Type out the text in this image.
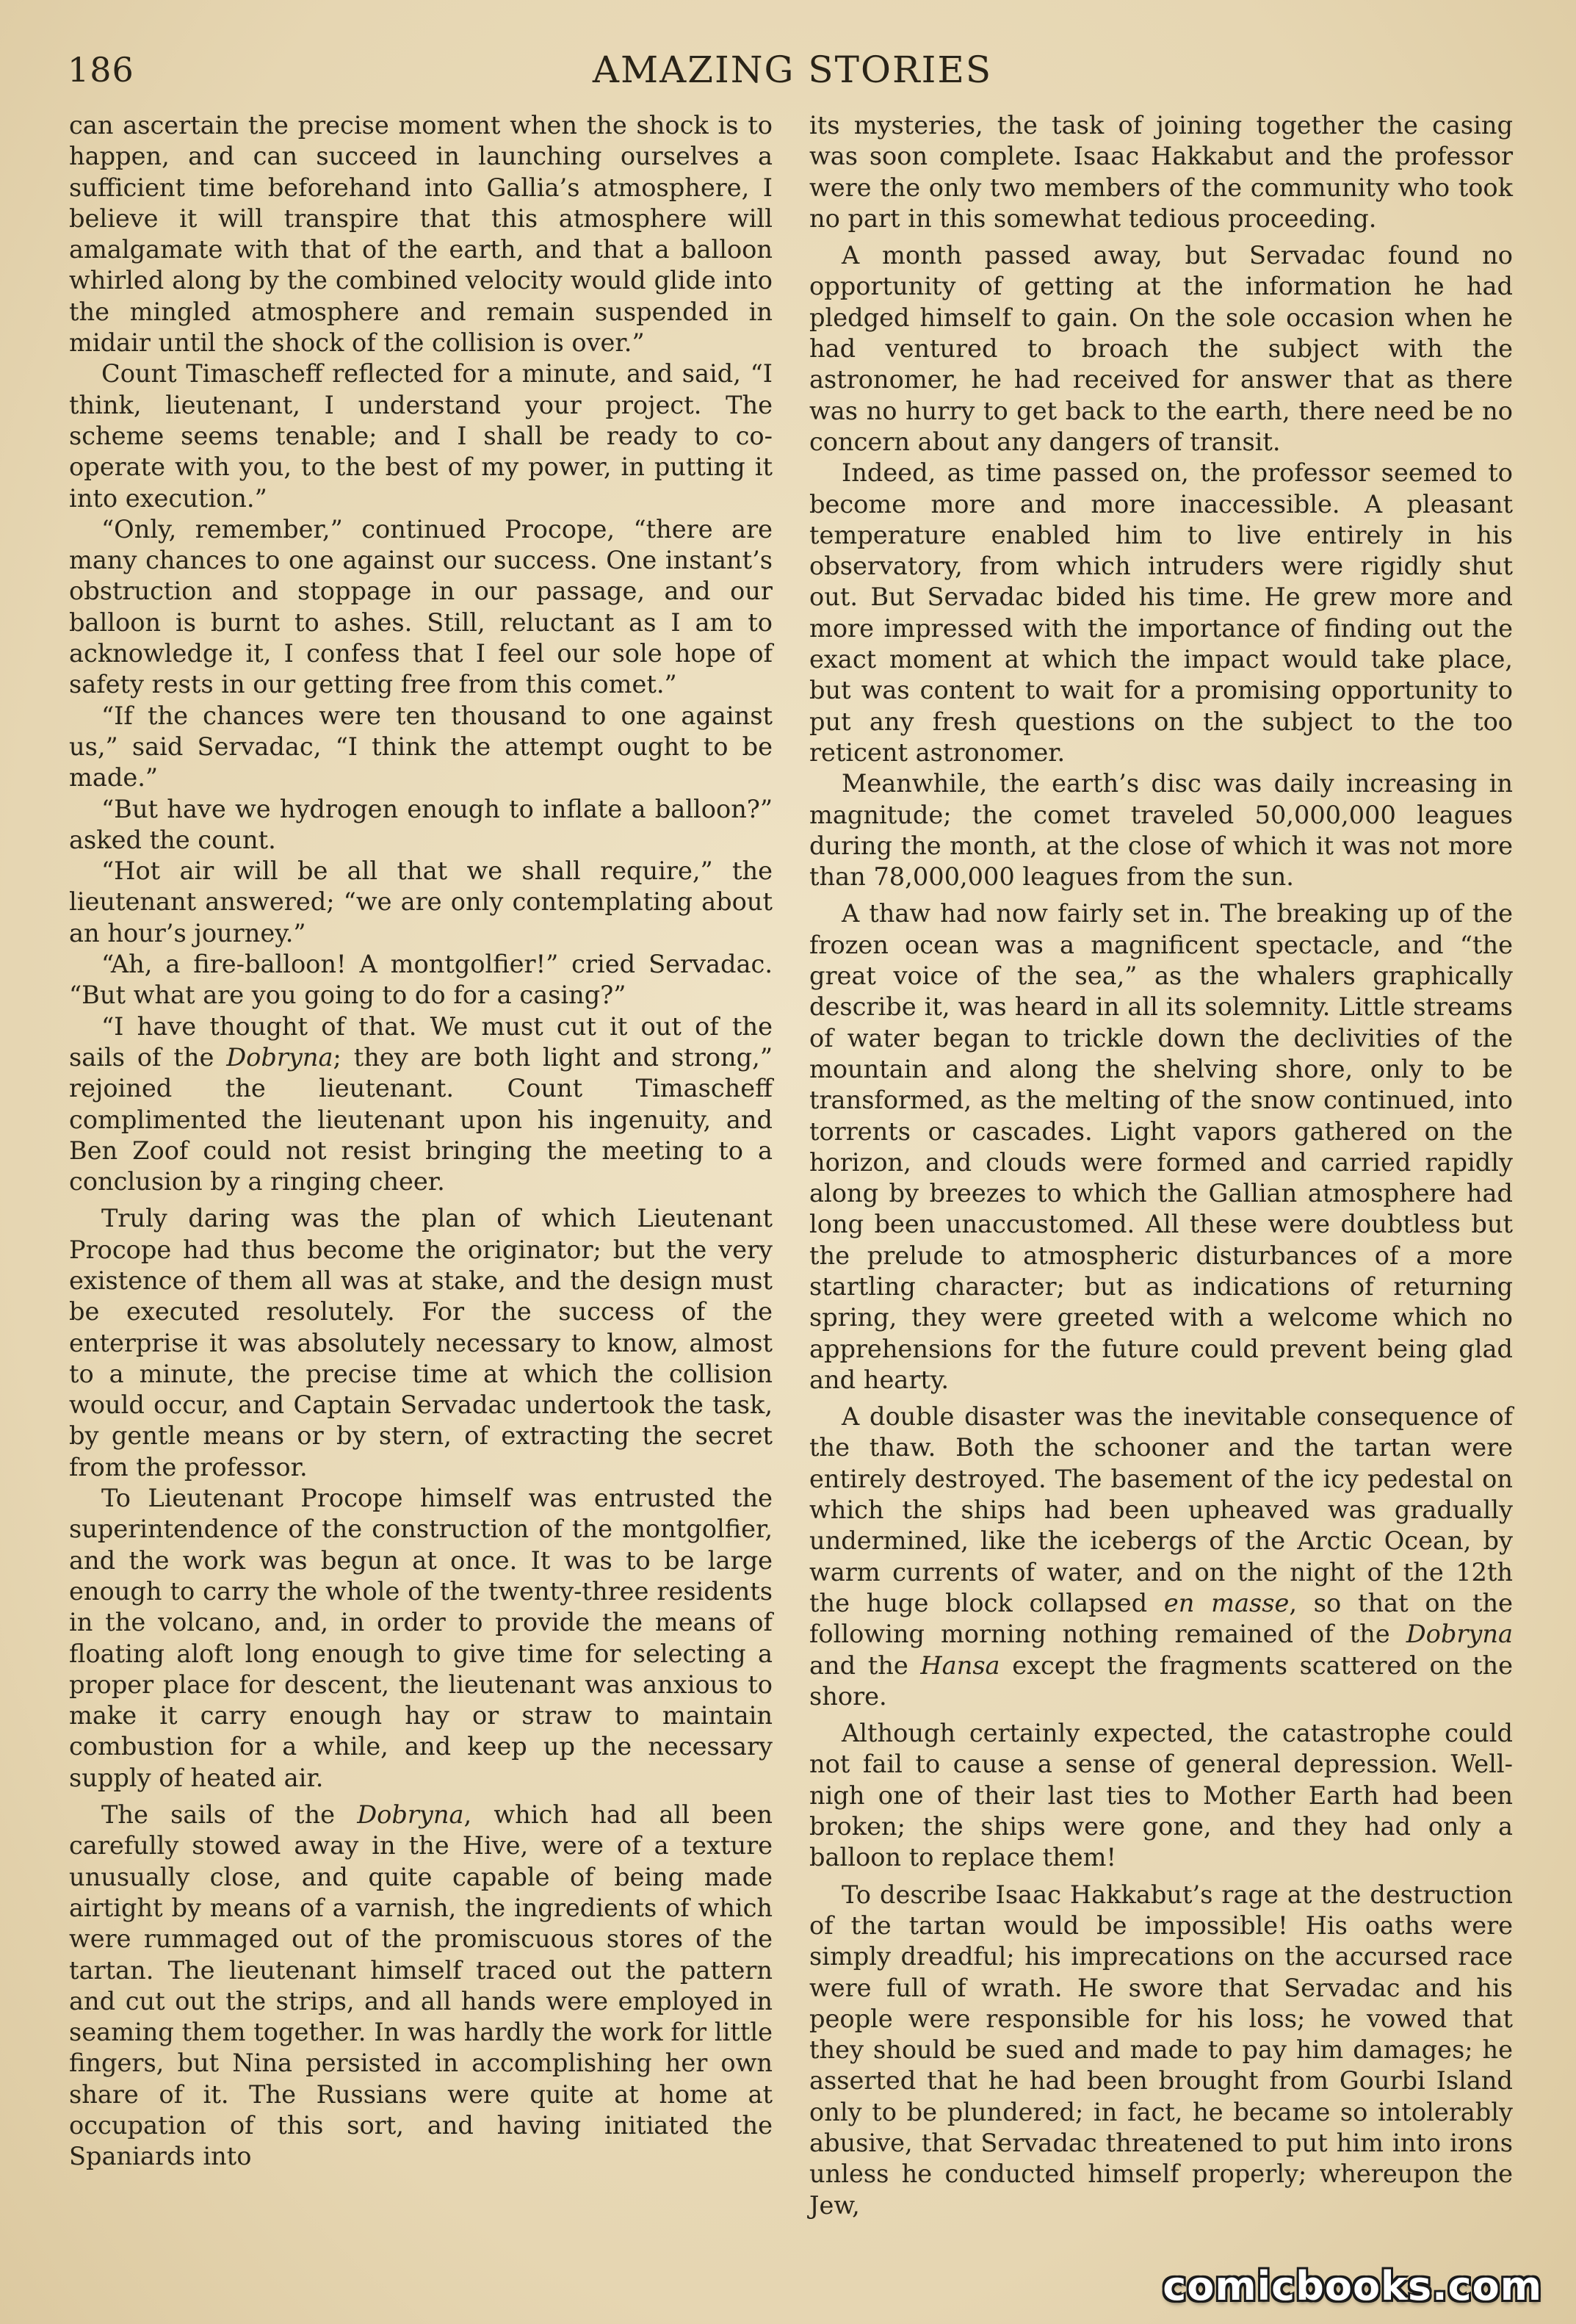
186	AMAZING STORIES

can ascertain the precise moment when the shock is to happen, and can succeed in launching ourselves a sufficient time beforehand into Gallia’s atmosphere, I believe it will transpire that this atmosphere will amalgamate with that of the earth, and that a balloon whirled along by the combined velocity would glide into the mingled atmosphere and remain suspended in midair until the shock of the collision is over.”

Count Timascheff reflected for a minute, and said, “I think, lieutenant, I understand your project. The scheme seems tenable; and I shall be ready to co-operate with you, to the best of my power, in putting it into execution.”

“Only, remember,” continued Procope, “there are many chances to one against our success. One instant’s obstruction and stoppage in our passage, and our balloon is burnt to ashes. Still, reluctant as I am to acknowledge it, I confess that I feel our sole hope of safety rests in our getting free from this comet.”

“If the chances were ten thousand to one against us,” said Servadac, “I think the attempt ought to be made.”

“But have we hydrogen enough to inflate a balloon?” asked the count.

“Hot air will be all that we shall require,” the lieutenant answered; “we are only contemplating about an hour’s journey.”

“Ah, a fire-balloon! A montgolfier!” cried Servadac. “But what are you going to do for a casing?”

“I have thought of that. We must cut it out of the sails of the Dobryna; they are both light and strong,” rejoined the lieutenant. Count Timascheff complimented the lieutenant upon his ingenuity, and Ben Zoof could not resist bringing the meeting to a conclusion by a ringing cheer.

Truly daring was the plan of which Lieutenant Procope had thus become the originator; but the very existence of them all was at stake, and the design must be executed resolutely. For the success of the enterprise it was absolutely necessary to know, almost to a minute, the precise time at which the collision would occur, and Captain Servadac undertook the task, by gentle means or by stern, of extracting the secret from the professor.

To Lieutenant Procope himself was entrusted the superintendence of the construction of the montgolfier, and the work was begun at once. It was to be large enough to carry the whole of the twenty-three residents in the volcano, and, in order to provide the means of floating aloft long enough to give time for selecting a proper place for descent, the lieutenant was anxious to make it carry enough hay or straw to maintain combustion for a while, and keep up the necessary supply of heated air.

The sails of the Dobryna, which had all been carefully stowed away in the Hive, were of a texture unusually close, and quite capable of being made airtight by means of a varnish, the ingredients of which were rummaged out of the promiscuous stores of the tartan. The lieutenant himself traced out the pattern and cut out the strips, and all hands were employed in seaming them together. In was hardly the work for little fingers, but Nina persisted in accomplishing her own share of it. The Russians were quite at home at occupation of this sort, and having initiated the Spaniards into

its mysteries, the task of joining together the casing was soon complete. Isaac Hakkabut and the professor were the only two members of the community who took no part in this somewhat tedious proceeding.

A month passed away, but Servadac found no opportunity of getting at the information he had pledged himself to gain. On the sole occasion when he had ventured to broach the subject with the astronomer, he had received for answer that as there was no hurry to get back to the earth, there need be no concern about any dangers of transit.

Indeed, as time passed on, the professor seemed to become more and more inaccessible. A pleasant temperature enabled him to live entirely in his observatory, from which intruders were rigidly shut out. But Servadac bided his time. He grew more and more impressed with the importance of finding out the exact moment at which the impact would take place, but was content to wait for a promising opportunity to put any fresh questions on the subject to the too reticent astronomer.

Meanwhile, the earth’s disc was daily increasing in magnitude; the comet traveled 50,000,000 leagues during the month, at the close of which it was not more than 78,000,000 leagues from the sun.

A thaw had now fairly set in. The breaking up of the frozen ocean was a magnificent spectacle, and “the great voice of the sea,” as the whalers graphically describe it, was heard in all its solemnity. Little streams of water began to trickle down the declivities of the mountain and along the shelving shore, only to be transformed, as the melting of the snow continued, into torrents or cascades. Light vapors gathered on the horizon, and clouds were formed and carried rapidly along by breezes to which the Gallian atmosphere had long been unaccustomed. All these were doubtless but the prelude to atmospheric disturbances of a more startling character; but as indications of returning spring, they were greeted with a welcome which no apprehensions for the future could prevent being glad and hearty.

A double disaster was the inevitable consequence of the thaw. Both the schooner and the tartan were entirely destroyed. The basement of the icy pedestal on which the ships had been upheaved was gradually undermined, like the icebergs of the Arctic Ocean, by warm currents of water, and on the night of the 12th the huge block collapsed en masse, so that on the following morning nothing remained of the Dobryna and the Hansa except the fragments scattered on the shore.

Although certainly expected, the catastrophe could not fail to cause a sense of general depression. Well-nigh one of their last ties to Mother Earth had been broken; the ships were gone, and they had only a balloon to replace them!

To describe Isaac Hakkabut’s rage at the destruction of the tartan would be impossible! His oaths were simply dreadful; his imprecations on the accursed race were full of wrath. He swore that Servadac and his people were responsible for his loss; he vowed that they should be sued and made to pay him damages; he asserted that he had been brought from Gourbi Island only to be plundered; in fact, he became so intolerably abusive, that Servadac threatened to put him into irons unless he conducted himself properly; whereupon the Jew,

comicbooks.com
